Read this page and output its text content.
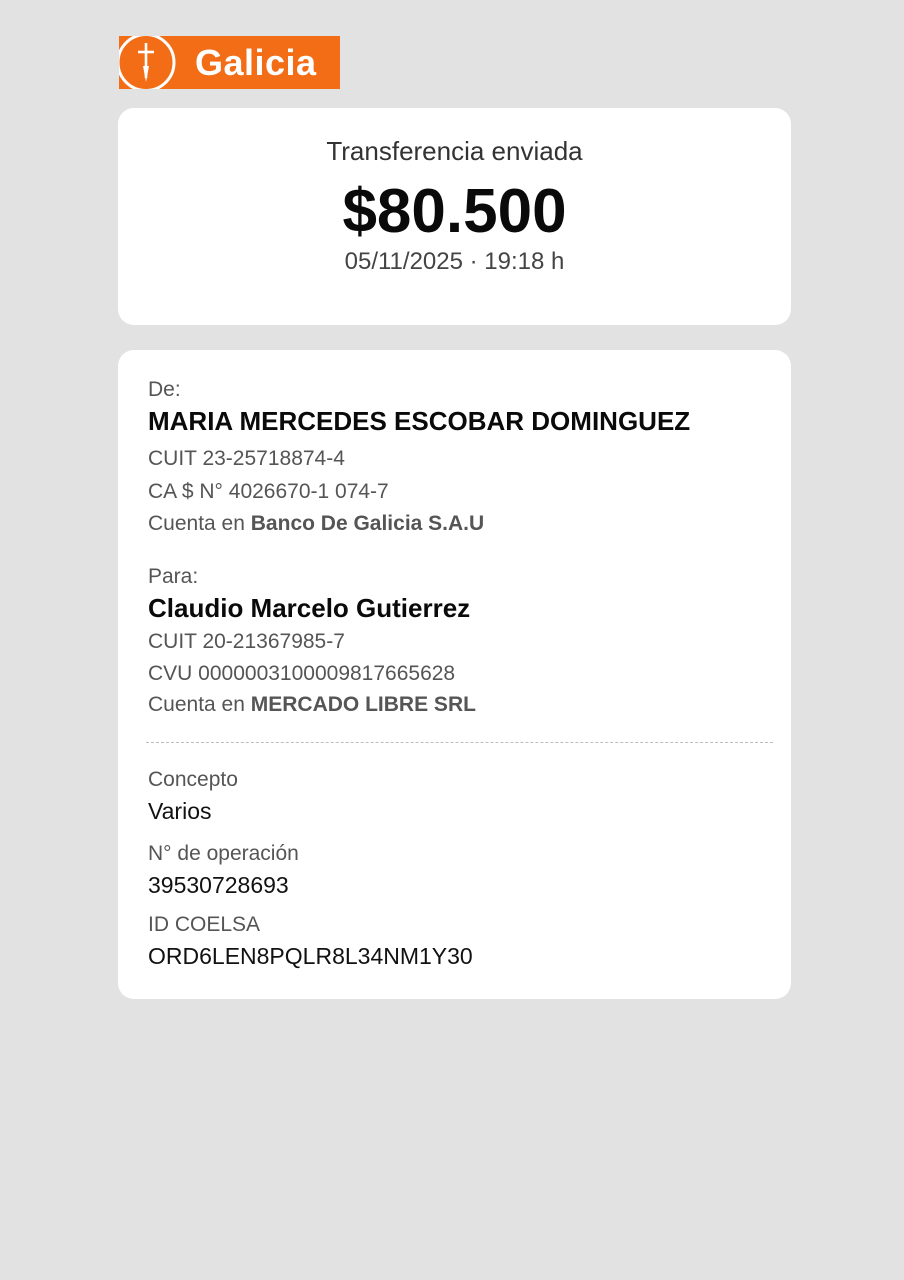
Galicia
Transferencia enviada
$80.500
05/11/2025 · 19:18 h
De:
MARIA MERCEDES ESCOBAR DOMINGUEZ
CUIT 23-25718874-4
CA $ N° 4026670-1 074-7
Cuenta en Banco De Galicia S.A.U
Para:
Claudio Marcelo Gutierrez
CUIT 20-21367985-7
CVU 0000003100009817665628
Cuenta en MERCADO LIBRE SRL
Concepto
Varios
N° de operación
39530728693
ID COELSA
ORD6LEN8PQLR8L34NM1Y30
